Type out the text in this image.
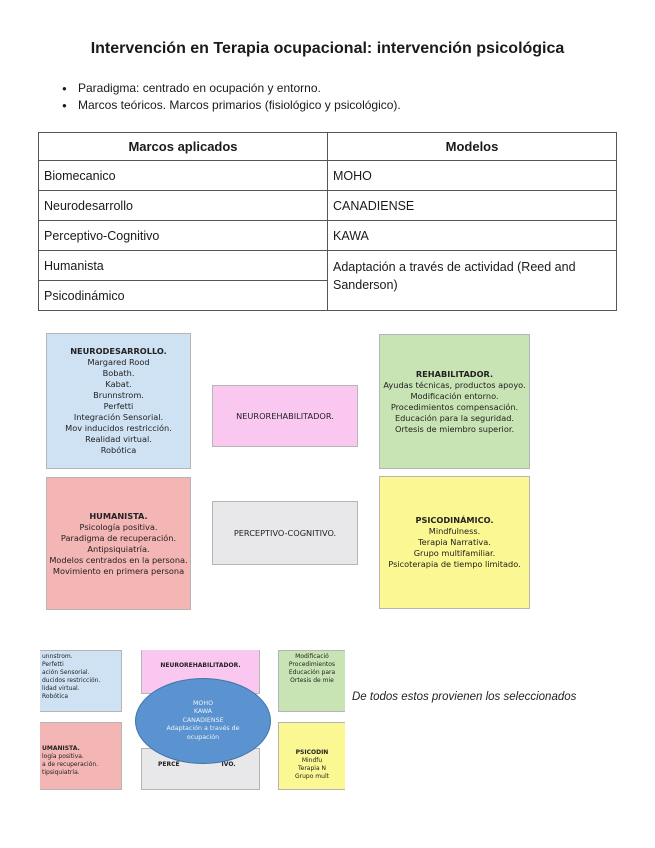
Intervención en Terapia ocupacional: intervención psicológica
● Paradigma: centrado en ocupación y entorno.
● Marcos teóricos. Marcos primarios (fisiológico y psicológico).
Marcos aplicados	Modelos
Biomecanico	MOHO
Neurodesarrollo	CANADIENSE
Perceptivo-Cognitivo	KAWA
Humanista	Adaptación a través de actividad (Reed and Sanderson)
Psicodinámico	
NEURODESARROLLO.
Margared Rood
Bobath.
Kabat.
Brunnstrom.
Perfetti
Integración Sensorial.
Mov inducidos restricción.
Realidad virtual.
Robótica
NEUROREHABILITADOR.
REHABILITADOR.
Ayudas técnicas, productos apoyo.
Modificación entorno.
Procedimientos compensación.
Educación para la seguridad.
Ortesis de miembro superior.
HUMANISTA.
Psicología positiva.
Paradigma de recuperación.
Antipsiquiatría.
Modelos centrados en la persona.
Movimiento en primera persona
PERCEPTIVO-COGNITIVO.
PSICODINÁMICO.
Mindfulness.
Terapia Narrativa.
Grupo multifamiliar.
Psicoterapia de tiempo limitado.
unnstrom.
Perfetti
ación Sensorial.
ducidos restricción.
lidad virtual.
Robótica
NEUROREHABILITADOR.
Modificació
Procedimientos
Educación para
Ortesis de mie
UMANISTA.
logía positiva.
a de recuperación.
tipsiquiatría.
PERCE	IVO.
PSICODIN
Mindfu
Terapia N
Grupo mult
MOHO
KAWA
CANADIENSE
Adaptación a través de
ocupación
De todos estos provienen los seleccionados
